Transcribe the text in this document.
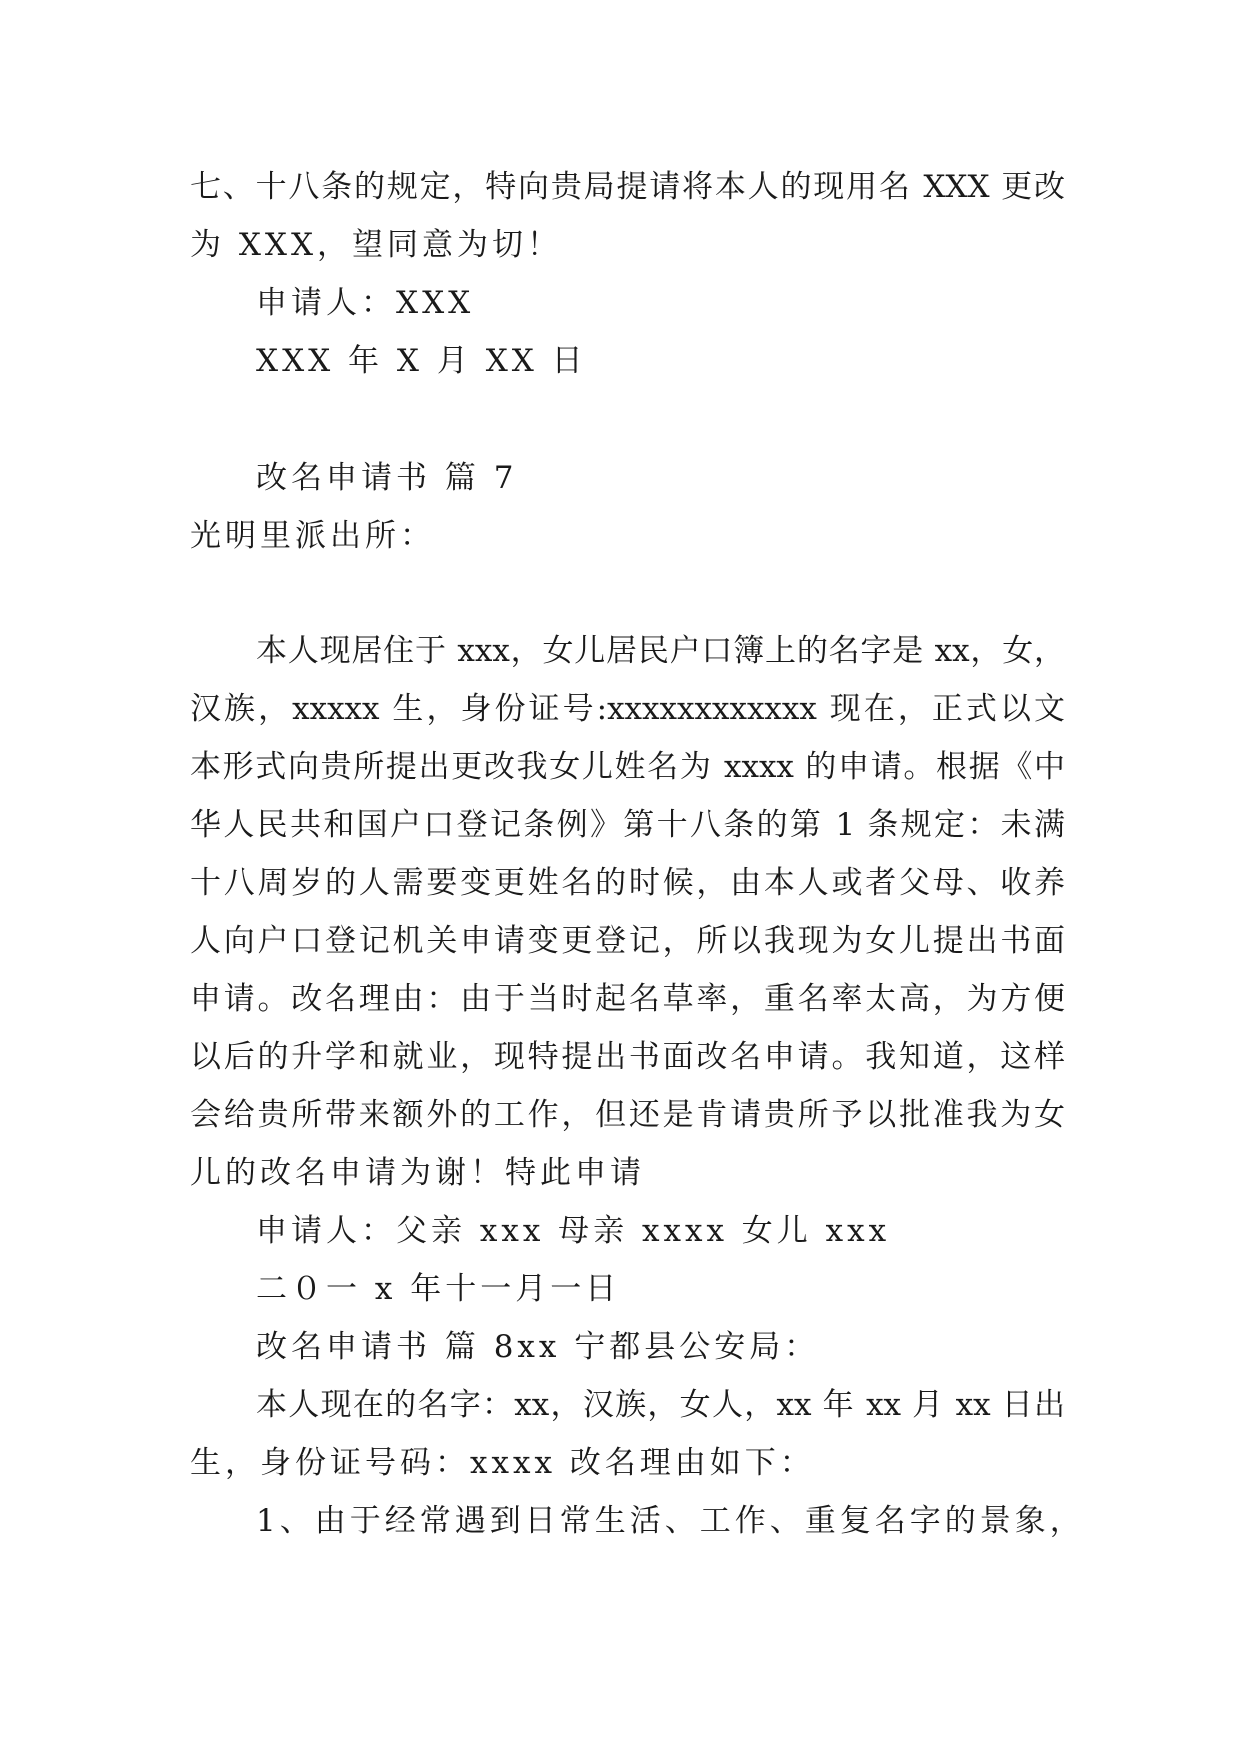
七、十八条的规定，特向贵局提请将本人的现用名 XXX 更改
为 XXX，望同意为切！
申请人：XXX
XXX 年 X 月 XX 日
改名申请书 篇 7
光明里派出所：
本人现居住于 xxx，女儿居民户口簿上的名字是 xx，女，
汉族，xxxxx 生，身份证号:xxxxxxxxxxxx 现在，正式以文
本形式向贵所提出更改我女儿姓名为 xxxx 的申请。根据《中
华人民共和国户口登记条例》第十八条的第 1 条规定：未满
十八周岁的人需要变更姓名的时候，由本人或者父母、收养
人向户口登记机关申请变更登记，所以我现为女儿提出书面
申请。改名理由：由于当时起名草率，重名率太高，为方便
以后的升学和就业，现特提出书面改名申请。我知道，这样
会给贵所带来额外的工作，但还是肯请贵所予以批准我为女
儿的改名申请为谢！特此申请
申请人：父亲 xxx 母亲 xxxx 女儿 xxx
二０一 x 年十一月一日
改名申请书 篇 8xx 宁都县公安局：
本人现在的名字：xx，汉族，女人，xx 年 xx 月 xx 日出
生，身份证号码：xxxx 改名理由如下：
1、由于经常遇到日常生活、工作、重复名字的景象，
